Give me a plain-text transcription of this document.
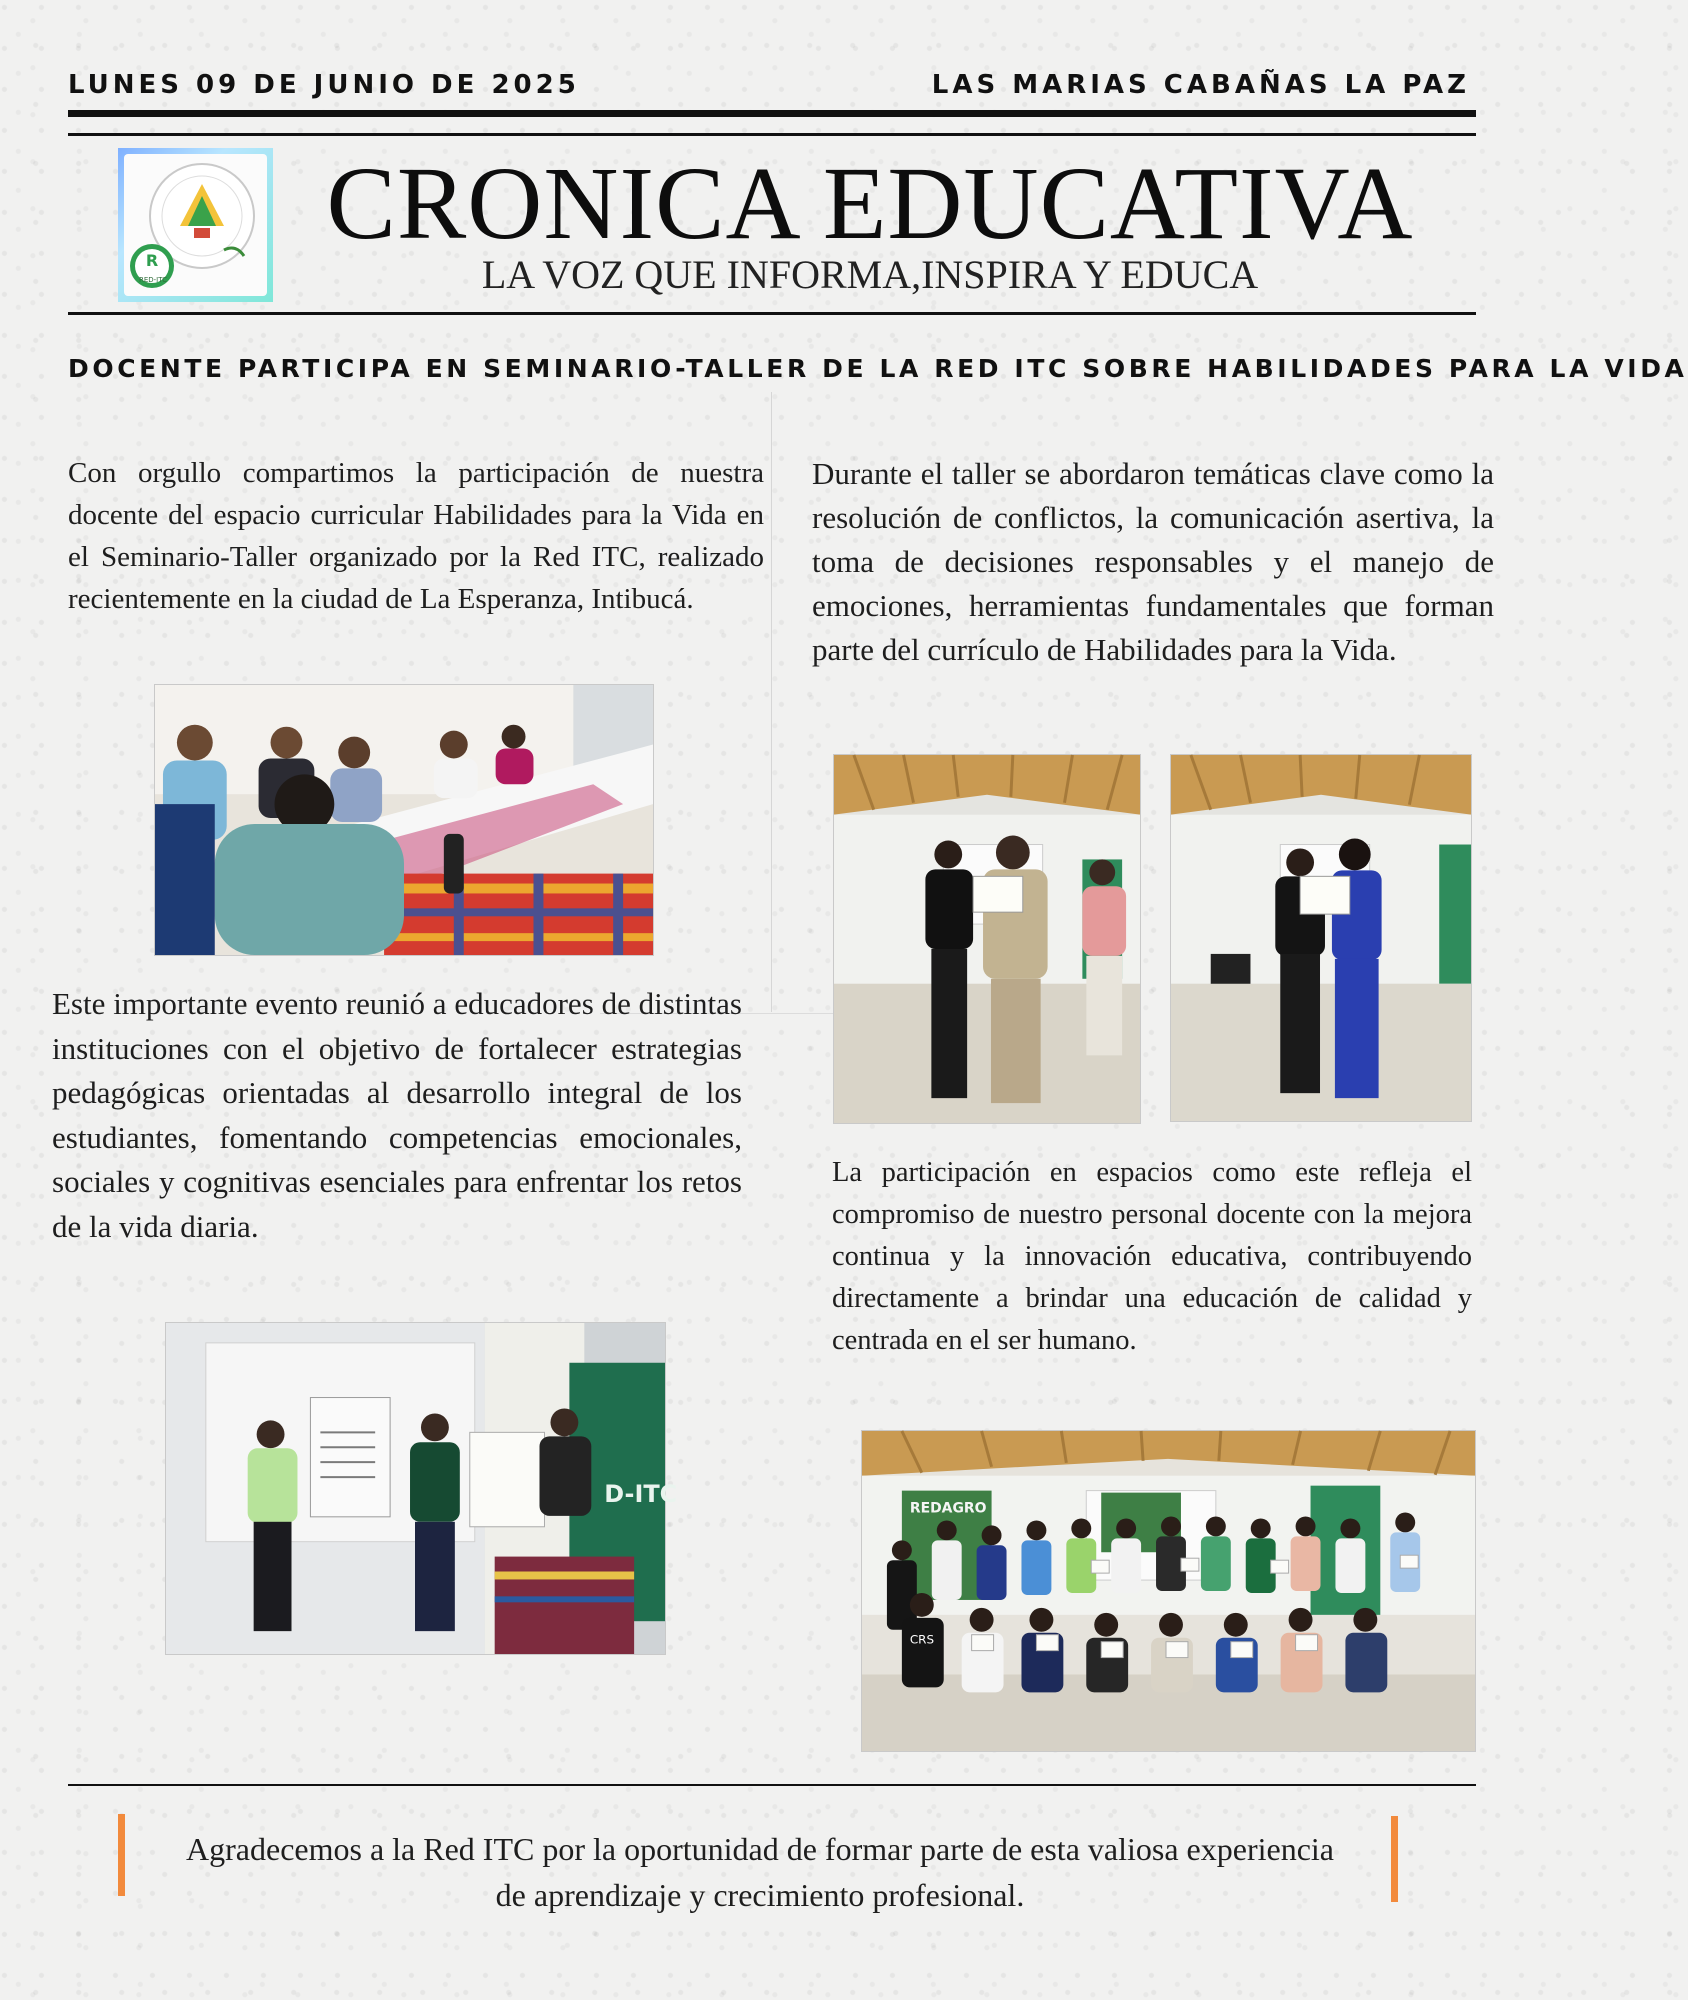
LUNES 09 DE JUNIO DE 2025	LAS MARIAS CABAÑAS LA PAZ
R
RED-ITC
CRONICA EDUCATIVA
LA VOZ QUE INFORMA,INSPIRA Y EDUCA
DOCENTE PARTICIPA EN SEMINARIO-TALLER DE LA RED ITC SOBRE HABILIDADES PARA LA VIDA
Con orgullo compartimos la participación de nuestra docente del espacio curricular Habilidades para la Vida en el Seminario-Taller organizado por la Red ITC, realizado recientemente en la ciudad de La Esperanza, Intibucá.
Este importante evento reunió a educadores de distintas instituciones con el objetivo de fortalecer estrategias pedagógicas orientadas al desarrollo integral de los estudiantes, fomentando competencias emocionales, sociales y cognitivas esenciales para enfrentar los retos de la vida diaria.
D-ITC
Durante el taller se abordaron temáticas clave como la resolución de conflictos, la comunicación asertiva, la toma de decisiones responsables y el manejo de emociones, herramientas fundamentales que forman parte del currículo de Habilidades para la Vida.
La participación en espacios como este refleja el compromiso de nuestro personal docente con la mejora continua y la innovación educativa, contribuyendo directamente a brindar una educación de calidad y centrada en el ser humano.
REDAGRO
CRS
Agradecemos a la Red ITC por la oportunidad de formar parte de esta valiosa experiencia de aprendizaje y crecimiento profesional.
